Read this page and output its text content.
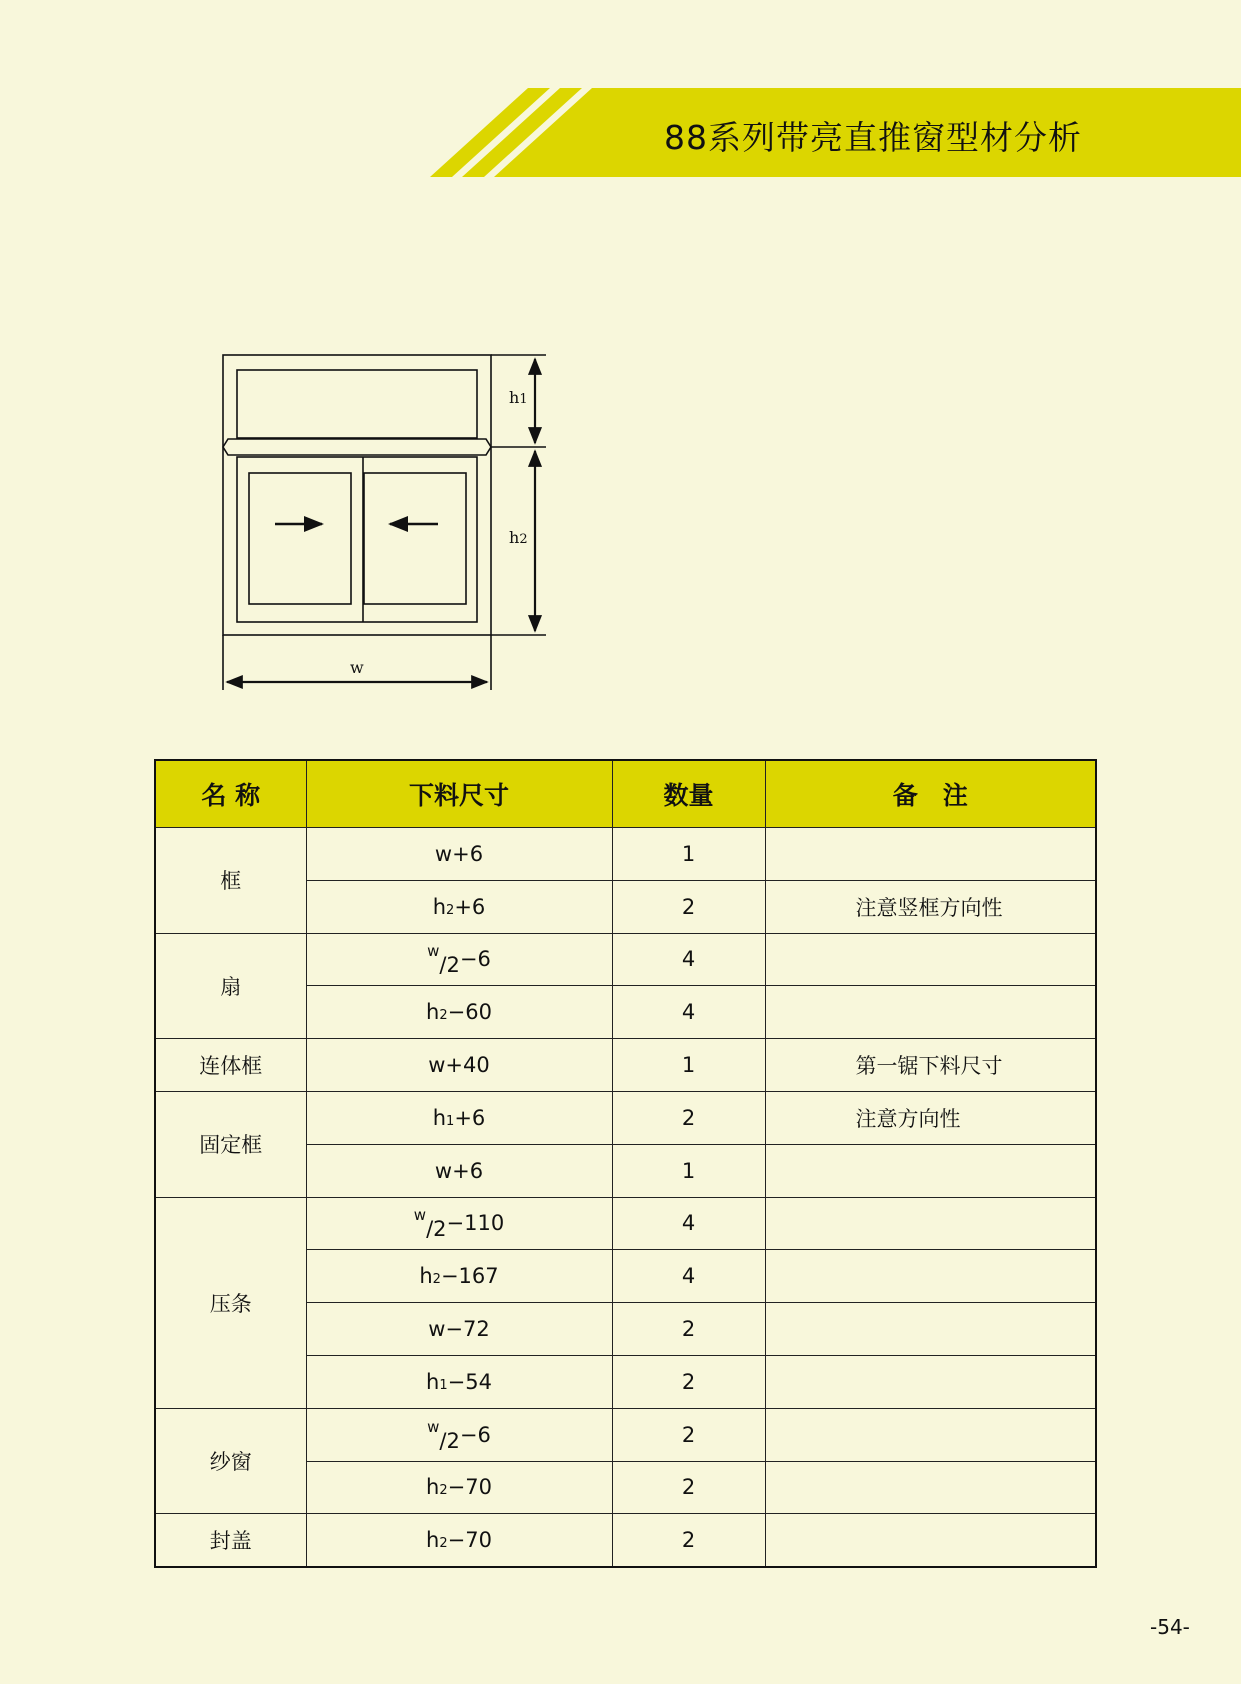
88系列带亮直推窗型材分析
h1
h2
w
名 称	下料尺寸	数量	备　注
框	w+6	1	
	h2+6	2	注意竖框方向性
扇	$^w$/2−6	4	
	h2−60	4	
连体框	w+40	1	第一锯下料尺寸
固定框	h1+6	2	注意方向性
	w+6	1	
压条	$^w$/2−110	4	
	h2−167	4	
	w−72	2	
	h1−54	2	
纱窗	$^w$/2−6	2	
	h2−70	2	
封盖	h2−70	2	
-54-
